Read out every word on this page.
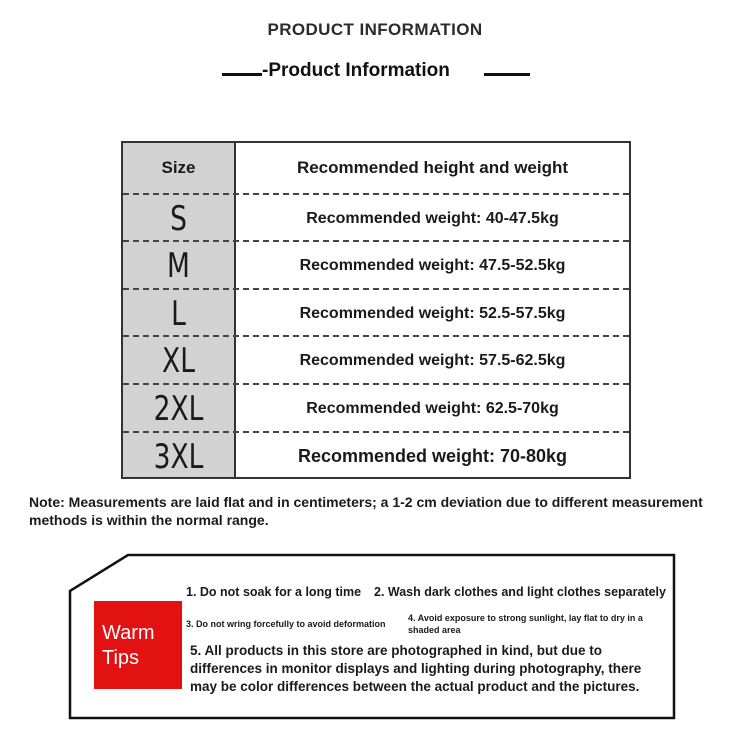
PRODUCT INFORMATION
-Product Information
Size	Recommended height and weight
S	Recommended weight: 40-47.5kg
M	Recommended weight: 47.5-52.5kg
L	Recommended weight: 52.5-57.5kg
XL	Recommended weight: 57.5-62.5kg
2XL	Recommended weight: 62.5-70kg
3XL	Recommended weight: 70-80kg
Note: Measurements are laid flat and in centimeters; a 1-2 cm deviation due to different measurement methods is within the normal range.
Warm
Tips
1. Do not soak for a long time 2. Wash dark clothes and light clothes separately
3. Do not wring forcefully to avoid deformation
4. Avoid exposure to strong sunlight, lay flat to dry in a shaded area
5. All products in this store are photographed in kind, but due to differences in monitor displays and lighting during photography, there may be color differences between the actual product and the pictures.
